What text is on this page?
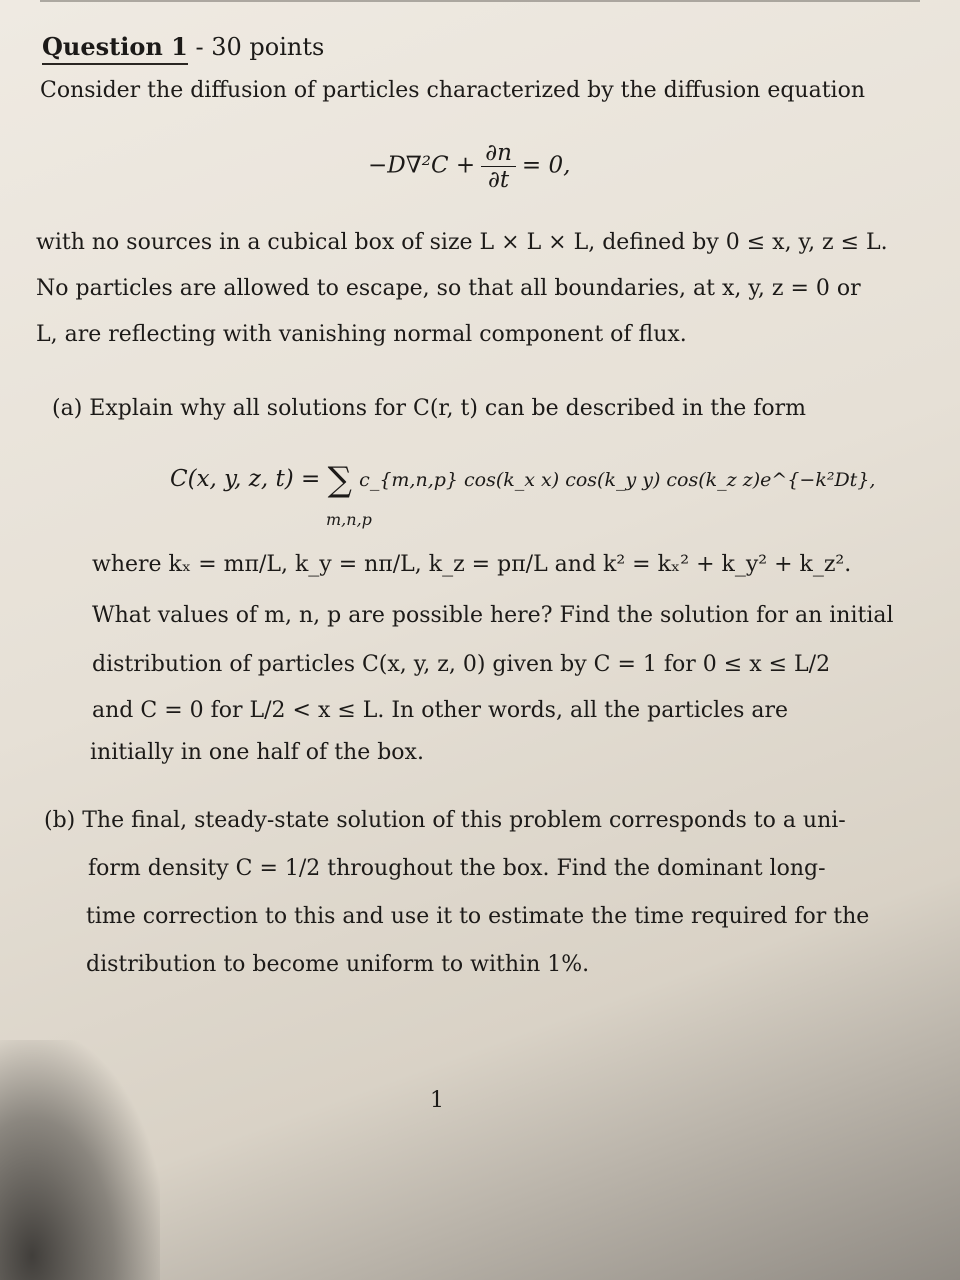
Question 1 - 30 points
Consider the diffusion of particles characterized by the diffusion equation
$-D\nabla^2C + \frac{\partial n}{\partial t} = 0$,
with no sources in a cubical box of size L × L × L, defined by 0 ≤ x, y, z ≤ L.
No particles are allowed to escape, so that all boundaries, at x, y, z = 0 or
L, are reflecting with vanishing normal component of flux.
(a) Explain why all solutions for C(r, t) can be described in the form
C(x, y, z, t) = ∑ c_{m,n,p} cos(k_x x) cos(k_y y) cos(k_z z)e^{−k²Dt},
m,n,p
where kₓ = mπ/L, k_y = nπ/L, k_z = pπ/L and k² = kₓ² + k_y² + k_z².
What values of m, n, p are possible here? Find the solution for an initial
distribution of particles C(x, y, z, 0) given by C = 1 for 0 ≤ x ≤ L/2
and C = 0 for L/2 < x ≤ L. In other words, all the particles are
initially in one half of the box.
(b) The final, steady-state solution of this problem corresponds to a uni-
form density C = 1/2 throughout the box. Find the dominant long-
time correction to this and use it to estimate the time required for the
distribution to become uniform to within 1%.
1
